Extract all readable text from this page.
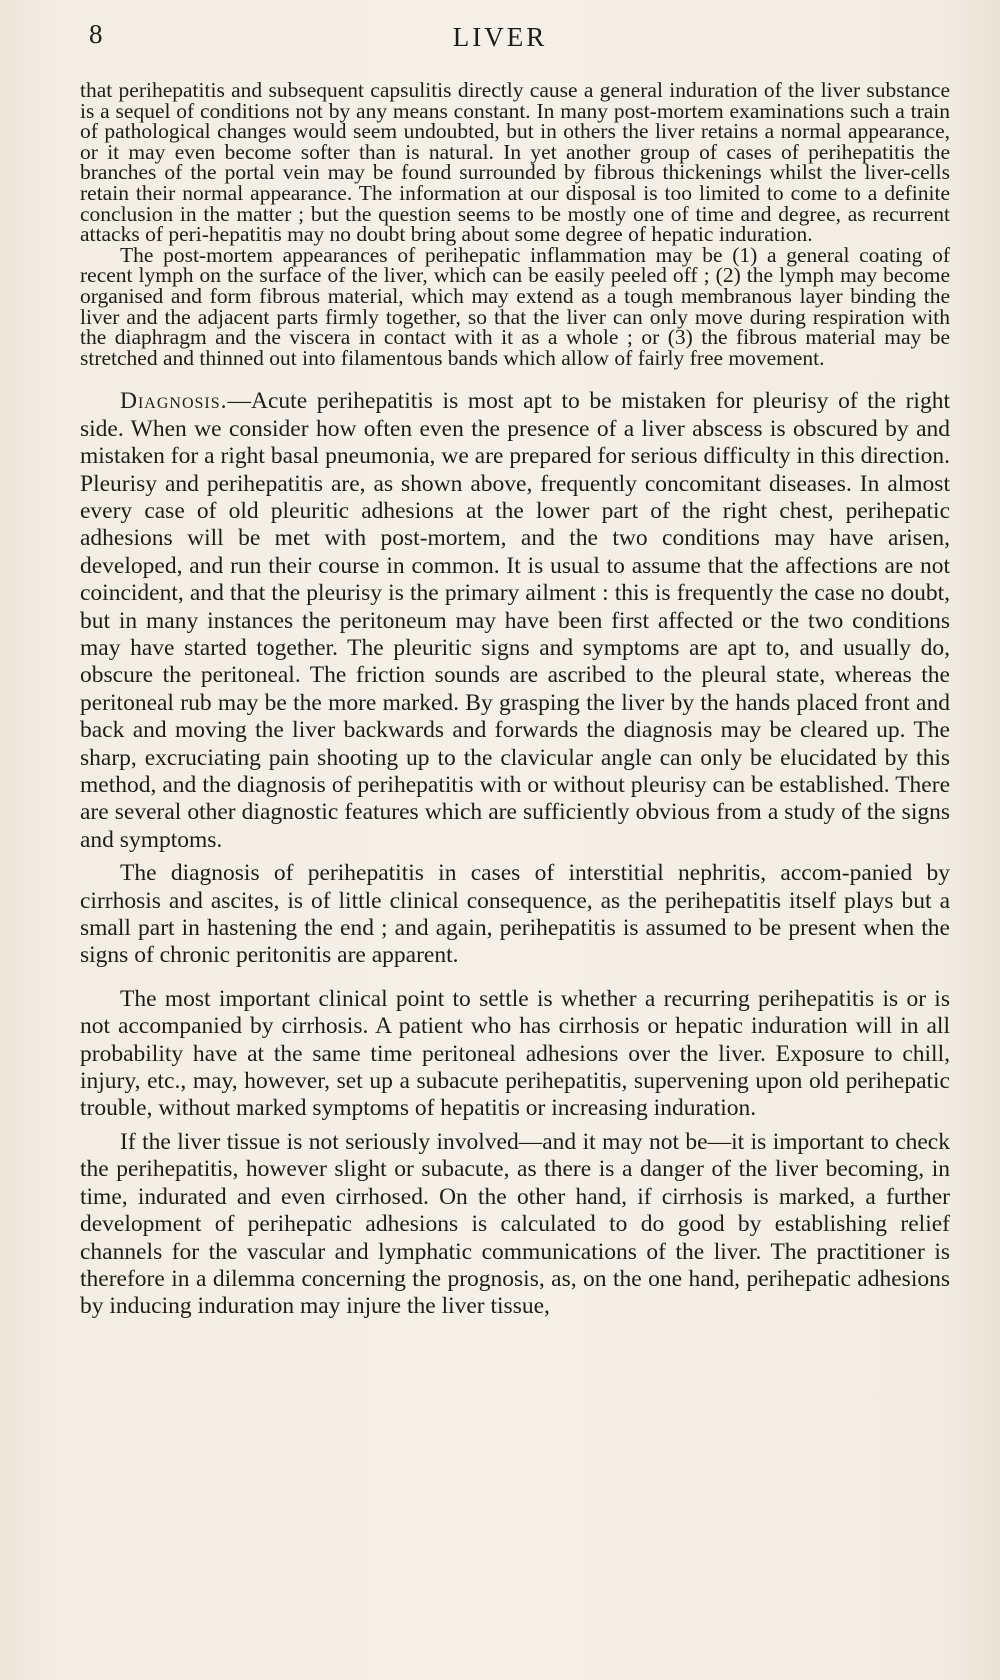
8	LIVER

that perihepatitis and subsequent capsulitis directly cause a general induration of the liver substance is a sequel of conditions not by any means constant. In many post-mortem examinations such a train of pathological changes would seem undoubted, but in others the liver retains a normal appearance, or it may even become softer than is natural. In yet another group of cases of perihepatitis the branches of the portal vein may be found surrounded by fibrous thickenings whilst the liver-cells retain their normal appearance. The information at our disposal is too limited to come to a definite conclusion in the matter ; but the question seems to be mostly one of time and degree, as recurrent attacks of peri-hepatitis may no doubt bring about some degree of hepatic induration.

The post-mortem appearances of perihepatic inflammation may be (1) a general coating of recent lymph on the surface of the liver, which can be easily peeled off ; (2) the lymph may become organised and form fibrous material, which may extend as a tough membranous layer binding the liver and the adjacent parts firmly together, so that the liver can only move during respiration with the diaphragm and the viscera in contact with it as a whole ; or (3) the fibrous material may be stretched and thinned out into filamentous bands which allow of fairly free movement.

Diagnosis.—Acute perihepatitis is most apt to be mistaken for pleurisy of the right side. When we consider how often even the presence of a liver abscess is obscured by and mistaken for a right basal pneumonia, we are prepared for serious difficulty in this direction. Pleurisy and perihepatitis are, as shown above, frequently concomitant diseases. In almost every case of old pleuritic adhesions at the lower part of the right chest, perihepatic adhesions will be met with post-mortem, and the two conditions may have arisen, developed, and run their course in common. It is usual to assume that the affections are not coincident, and that the pleurisy is the primary ailment : this is frequently the case no doubt, but in many instances the peritoneum may have been first affected or the two conditions may have started together. The pleuritic signs and symptoms are apt to, and usually do, obscure the peritoneal. The friction sounds are ascribed to the pleural state, whereas the peritoneal rub may be the more marked. By grasping the liver by the hands placed front and back and moving the liver backwards and forwards the diagnosis may be cleared up. The sharp, excruciating pain shooting up to the clavicular angle can only be elucidated by this method, and the diagnosis of perihepatitis with or without pleurisy can be established. There are several other diagnostic features which are sufficiently obvious from a study of the signs and symptoms.

The diagnosis of perihepatitis in cases of interstitial nephritis, accom-panied by cirrhosis and ascites, is of little clinical consequence, as the perihepatitis itself plays but a small part in hastening the end ; and again, perihepatitis is assumed to be present when the signs of chronic peritonitis are apparent.

The most important clinical point to settle is whether a recurring perihepatitis is or is not accompanied by cirrhosis. A patient who has cirrhosis or hepatic induration will in all probability have at the same time peritoneal adhesions over the liver. Exposure to chill, injury, etc., may, however, set up a subacute perihepatitis, supervening upon old perihepatic trouble, without marked symptoms of hepatitis or increasing induration.

If the liver tissue is not seriously involved—and it may not be—it is important to check the perihepatitis, however slight or subacute, as there is a danger of the liver becoming, in time, indurated and even cirrhosed. On the other hand, if cirrhosis is marked, a further development of perihepatic adhesions is calculated to do good by establishing relief channels for the vascular and lymphatic communications of the liver. The practitioner is therefore in a dilemma concerning the prognosis, as, on the one hand, perihepatic adhesions by inducing induration may injure the liver tissue,
